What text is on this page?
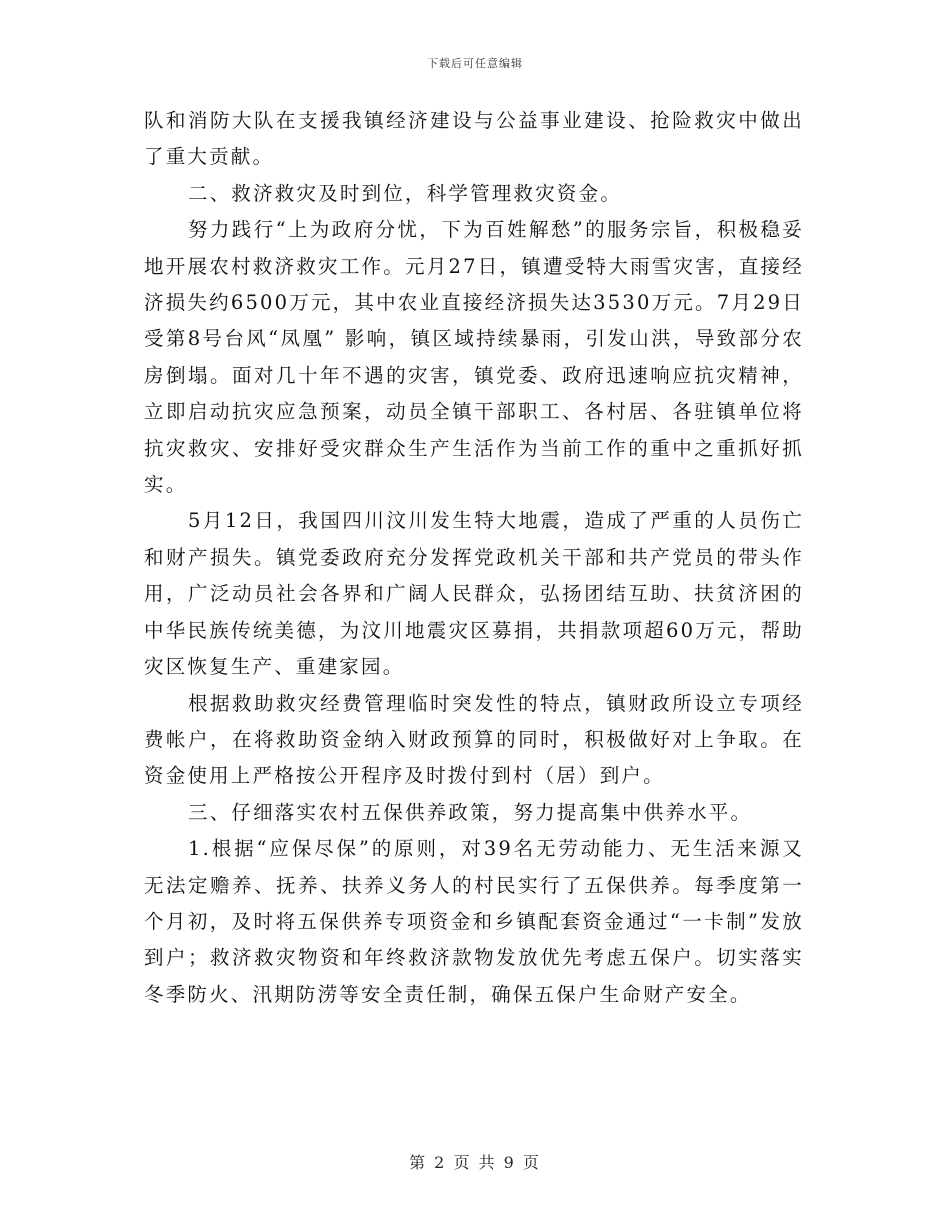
下载后可任意编辑

队和消防大队在支援我镇经济建设与公益事业建设、抢险救灾中做出了重大贡献。

二、救济救灾及时到位，科学管理救灾资金。

努力践行“上为政府分忧，下为百姓解愁”的服务宗旨，积极稳妥地开展农村救济救灾工作。元月27日，镇遭受特大雨雪灾害，直接经济损失约6500万元，其中农业直接经济损失达3530万元。7月29日受第8号台风“凤凰” 影响，镇区域持续暴雨，引发山洪，导致部分农房倒塌。面对几十年不遇的灾害，镇党委、政府迅速响应抗灾精神，立即启动抗灾应急预案，动员全镇干部职工、各村居、各驻镇单位将抗灾救灾、安排好受灾群众生产生活作为当前工作的重中之重抓好抓实。

5月12日，我国四川汶川发生特大地震，造成了严重的人员伤亡和财产损失。镇党委政府充分发挥党政机关干部和共产党员的带头作用，广泛动员社会各界和广阔人民群众，弘扬团结互助、扶贫济困的中华民族传统美德，为汶川地震灾区募捐，共捐款项超60万元，帮助灾区恢复生产、重建家园。

根据救助救灾经费管理临时突发性的特点，镇财政所设立专项经费帐户，在将救助资金纳入财政预算的同时，积极做好对上争取。在资金使用上严格按公开程序及时拨付到村（居）到户。

三、仔细落实农村五保供养政策，努力提高集中供养水平。

1.根据“应保尽保”的原则，对39名无劳动能力、无生活来源又无法定赡养、抚养、扶养义务人的村民实行了五保供养。每季度第一个月初，及时将五保供养专项资金和乡镇配套资金通过“一卡制”发放到户；救济救灾物资和年终救济款物发放优先考虑五保户。切实落实冬季防火、汛期防涝等安全责任制，确保五保户生命财产安全。

第 2 页 共 9 页
